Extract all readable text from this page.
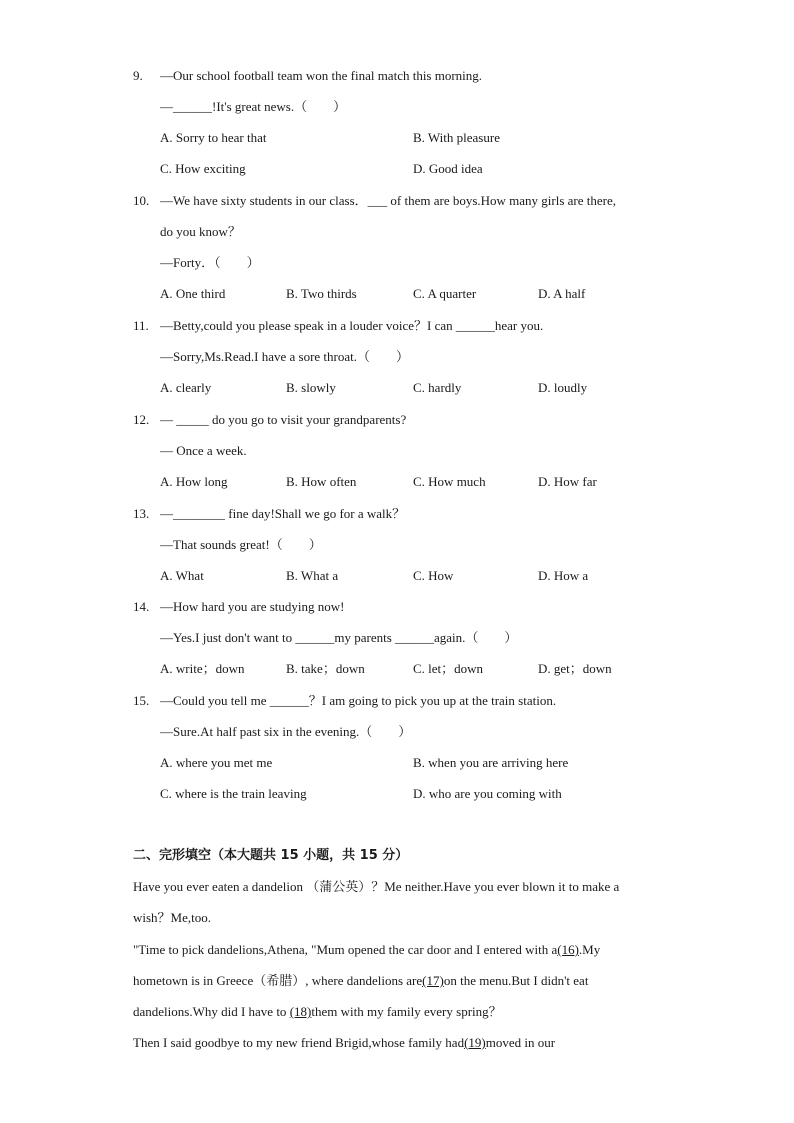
9. —Our school football team won the final match this morning.
—______!It's great news.（　　）
A. Sorry to hear that	B. With pleasure
C. How exciting	D. Good idea
10. —We have sixty students in our class．___ of them are boys.How many girls are there,
do you know？
—Forty．（　　）
A. One third	B. Two thirds	C. A quarter	D. A half
11. —Betty,could you please speak in a louder voice？I can ______hear you.
—Sorry,Ms.Read.I have a sore throat.（　　）
A. clearly	B. slowly	C. hardly	D. loudly
12. — _____ do you go to visit your grandparents?
— Once a week.
A. How long	B. How often	C. How much	D. How far
13. —________ fine day!Shall we go for a walk？
—That sounds great!（　　）
A. What	B. What a	C. How	D. How a
14. —How hard you are studying now!
—Yes.I just don't want to ______my parents ______again.（　　）
A. write；down	B. take；down	C. let；down	D. get；down
15. —Could you tell me ______？I am going to pick you up at the train station.
—Sure.At half past six in the evening.（　　）
A. where you met me	B. when you are arriving here
C. where is the train leaving	D. who are you coming with
二、完形填空（本大题共 15 小题，共 15 分）
Have you ever eaten a dandelion （蒲公英）？Me neither.Have you ever blown it to make a
wish？Me,too.
"Time to pick dandelions,Athena, "Mum opened the car door and I entered with a(16).My
hometown is in Greece（希腊）, where dandelions are(17)on the menu.But I didn't eat
dandelions.Why did I have to (18)them with my family every spring？
Then I said goodbye to my new friend Brigid,whose family had(19)moved in our
